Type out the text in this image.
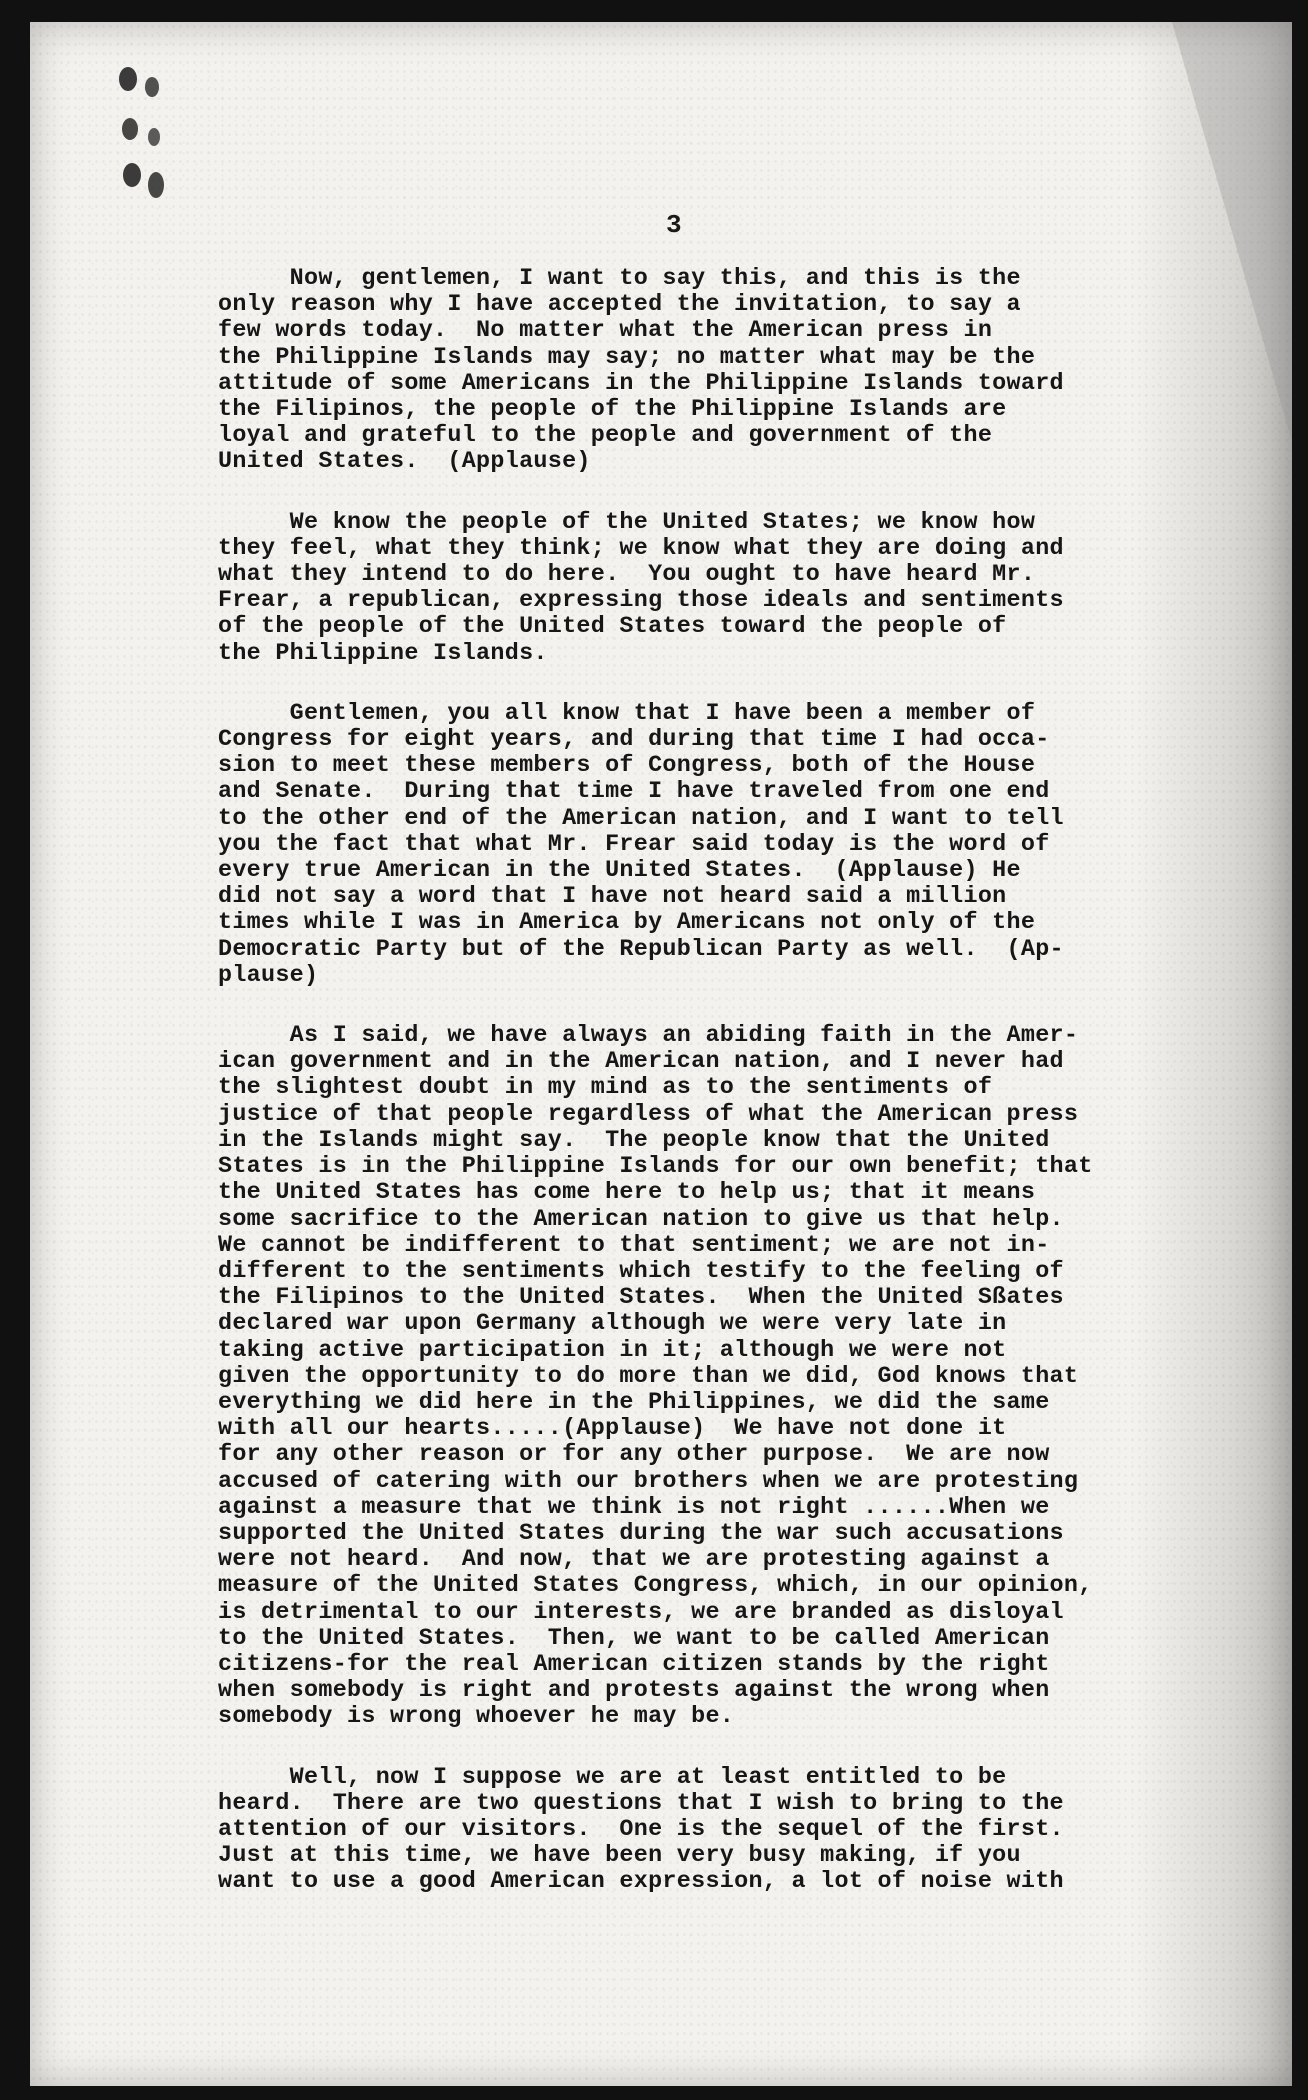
3
Now, gentlemen, I want to say this, and this is the
only reason why I have accepted the invitation, to say a
few words today.  No matter what the American press in
the Philippine Islands may say; no matter what may be the
attitude of some Americans in the Philippine Islands toward
the Filipinos, the people of the Philippine Islands are
loyal and grateful to the people and government of the
United States.  (Applause)
We know the people of the United States; we know how
they feel, what they think; we know what they are doing and
what they intend to do here.  You ought to have heard Mr.
Frear, a republican, expressing those ideals and sentiments
of the people of the United States toward the people of
the Philippine Islands.
Gentlemen, you all know that I have been a member of
Congress for eight years, and during that time I had occa-
sion to meet these members of Congress, both of the House
and Senate.  During that time I have traveled from one end
to the other end of the American nation, and I want to tell
you the fact that what Mr. Frear said today is the word of
every true American in the United States.  (Applause) He
did not say a word that I have not heard said a million
times while I was in America by Americans not only of the
Democratic Party but of the Republican Party as well.  (Ap-
plause)
As I said, we have always an abiding faith in the Amer-
ican government and in the American nation, and I never had
the slightest doubt in my mind as to the sentiments of
justice of that people regardless of what the American press
in the Islands might say.  The people know that the United
States is in the Philippine Islands for our own benefit; that
the United States has come here to help us; that it means
some sacrifice to the American nation to give us that help.
We cannot be indifferent to that sentiment; we are not in-
different to the sentiments which testify to the feeling of
the Filipinos to the United States.  When the United Sßates
declared war upon Germany although we were very late in
taking active participation in it; although we were not
given the opportunity to do more than we did, God knows that
everything we did here in the Philippines, we did the same
with all our hearts.....(Applause)  We have not done it
for any other reason or for any other purpose.  We are now
accused of catering with our brothers when we are protesting
against a measure that we think is not right ......When we
supported the United States during the war such accusations
were not heard.  And now, that we are protesting against a
measure of the United States Congress, which, in our opinion,
is detrimental to our interests, we are branded as disloyal
to the United States.  Then, we want to be called American
citizens-for the real American citizen stands by the right
when somebody is right and protests against the wrong when
somebody is wrong whoever he may be.
Well, now I suppose we are at least entitled to be
heard.  There are two questions that I wish to bring to the
attention of our visitors.  One is the sequel of the first.
Just at this time, we have been very busy making, if you
want to use a good American expression, a lot of noise with
